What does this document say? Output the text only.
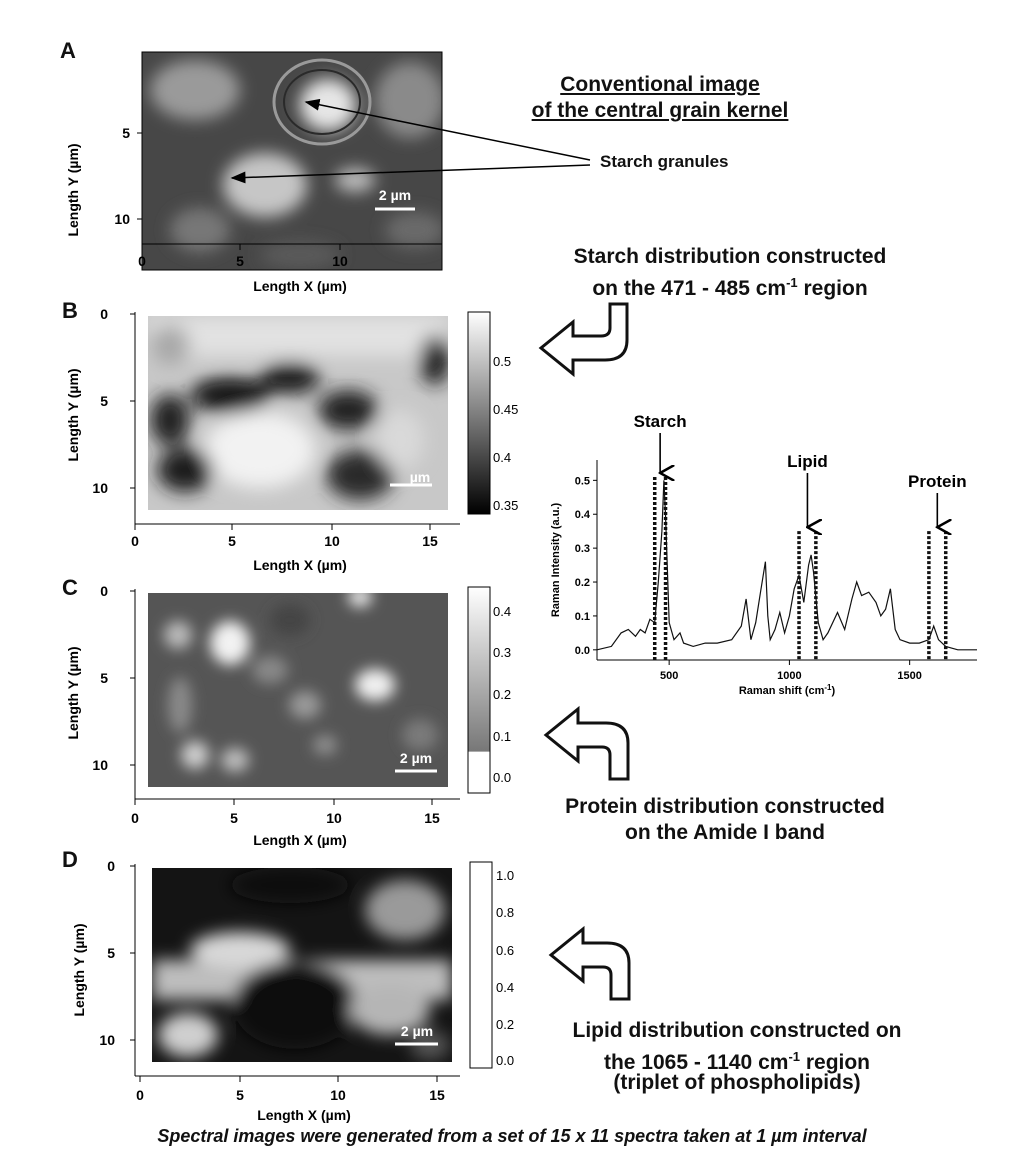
A
2 µm
5
10
0	5	10
Length X (µm)
Length Y (µm)
Conventional image
of the central grain kernel
Starch granules
B
Starch distribution constructed
on the 471 - 485 $cm^{-1}$ region
µm
0
5
10
0	5	10	15
Length X (µm)
Length Y (µm)
0.5
0.45
0.4
0.35
C
2 µm
0
5
10
0	5	10	15
Length X (µm)
Length Y (µm)
0.4
0.3
0.2
0.1
0.0
Protein distribution constructed
on the Amide I band
D
2 µm
0
5
10
0	5	10	15
Length X (µm)
Length Y (µm)
1.0
0.8
0.6
0.4
0.2
0.0
Lipid distribution constructed on
the 1065 - 1140 $cm^{-1}$ region
(triplet of phospholipids)
0.0
0.1
0.2
0.3
0.4
0.5
500	1000	1500
Starch
Lipid
Protein
Raman Intensity (a.u.)
Raman shift $(cm^{-1})$
Spectral images were generated from a set of 15 x 11 spectra taken at 1 µm interval
